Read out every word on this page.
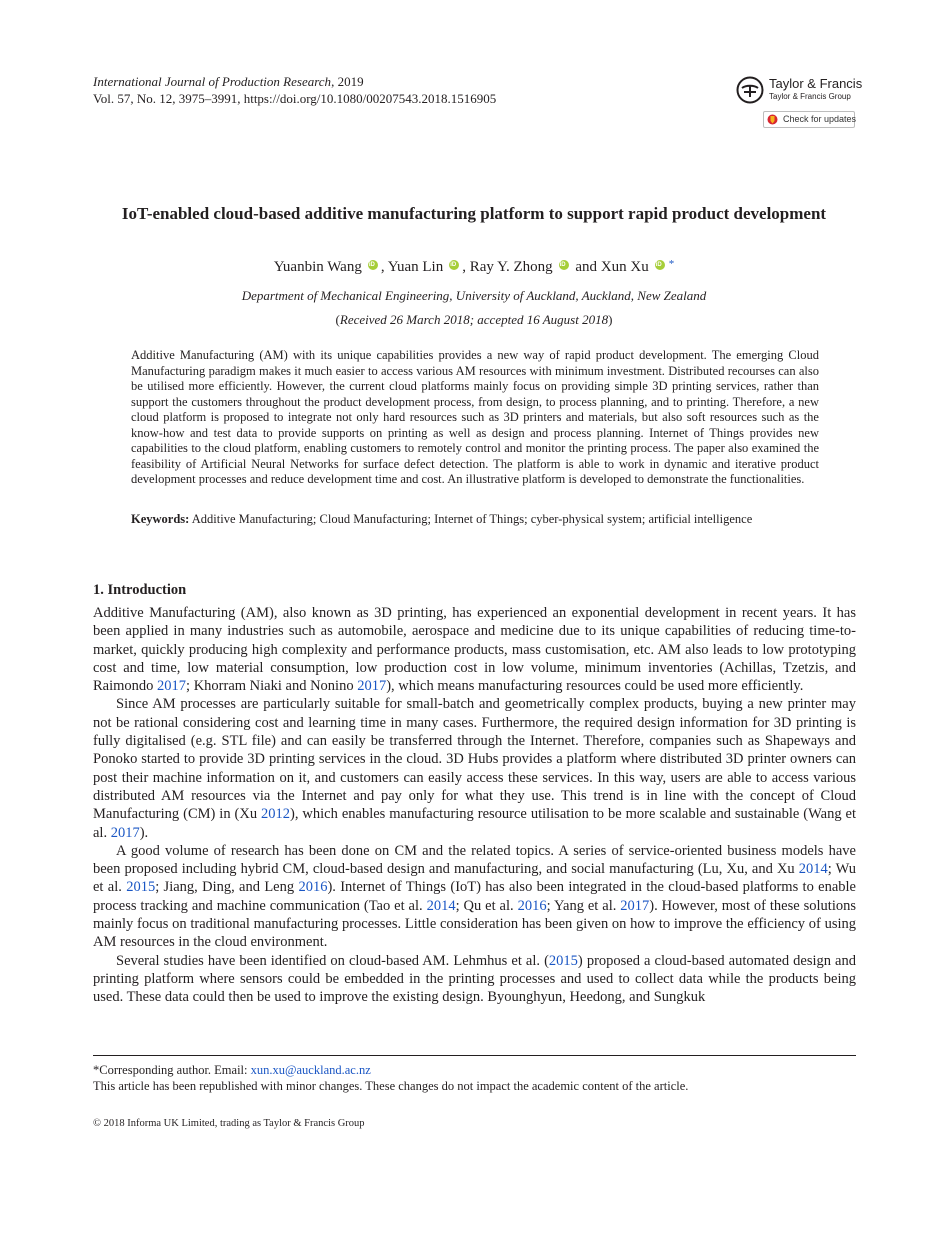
International Journal of Production Research, 2019
Vol. 57, No. 12, 3975–3991, https://doi.org/10.1080/00207543.2018.1516905
Taylor & Francis
Taylor & Francis Group
Check for updates
IoT-enabled cloud-based additive manufacturing platform to support rapid product development
Yuanbin Wang iD , Yuan Lin iD , Ray Y. ZhongiD and Xun Xu iD *
Department of Mechanical Engineering, University of Auckland, Auckland, New Zealand
(Received 26 March 2018; accepted 16 August 2018)
Additive Manufacturing (AM) with its unique capabilities provides a new way of rapid product development. The emerging Cloud Manufacturing paradigm makes it much easier to access various AM resources with minimum investment. Distributed recourses can also be utilised more efficiently. However, the current cloud platforms mainly focus on providing simple 3D printing services, rather than support the customers throughout the product development process, from design, to process planning, and to printing. Therefore, a new cloud platform is proposed to integrate not only hard resources such as 3D printers and materials, but also soft resources such as the know-how and test data to provide supports on printing as well as design and process planning. Internet of Things provides new capabilities to the cloud platform, enabling customers to remotely control and monitor the printing process. The paper also examined the feasibility of Artificial Neural Networks for surface defect detection. The platform is able to work in dynamic and iterative product development processes and reduce development time and cost. An illustrative platform is developed to demonstrate the functionalities.
Keywords: Additive Manufacturing; Cloud Manufacturing; Internet of Things; cyber-physical system; artificial intelligence
1. Introduction

Additive Manufacturing (AM), also known as 3D printing, has experienced an exponential development in recent years. It has been applied in many industries such as automobile, aerospace and medicine due to its unique capabilities of reducing time-to-market, quickly producing high complexity and performance products, mass customisation, etc. AM also leads to low prototyping cost and time, low material consumption, low production cost in low volume, minimum inventories (Achillas, Tzetzis, and Raimondo 2017; Khorram Niaki and Nonino 2017), which means manufacturing resources could be used more efficiently.

Since AM processes are particularly suitable for small-batch and geometrically complex products, buying a new printer may not be rational considering cost and learning time in many cases. Furthermore, the required design information for 3D printing is fully digitalised (e.g. STL file) and can easily be transferred through the Internet. Therefore, companies such as Shapeways and Ponoko started to provide 3D printing services in the cloud. 3D Hubs provides a platform where distributed 3D printer owners can post their machine information on it, and customers can easily access these services. In this way, users are able to access various distributed AM resources via the Internet and pay only for what they use. This trend is in line with the concept of Cloud Manufacturing (CM) in (Xu 2012), which enables manufacturing resource utilisation to be more scalable and sustainable (Wang et al. 2017).

A good volume of research has been done on CM and the related topics. A series of service-oriented business models have been proposed including hybrid CM, cloud-based design and manufacturing, and social manufacturing (Lu, Xu, and Xu 2014; Wu et al. 2015; Jiang, Ding, and Leng 2016). Internet of Things (IoT) has also been integrated in the cloud-based platforms to enable process tracking and machine communication (Tao et al. 2014; Qu et al. 2016; Yang et al. 2017). However, most of these solutions mainly focus on traditional manufacturing processes. Little consideration has been given on how to improve the efficiency of using AM resources in the cloud environment.

Several studies have been identified on cloud-based AM. Lehmhus et al. (2015) proposed a cloud-based automated design and printing platform where sensors could be embedded in the printing processes and used to collect data while the products being used. These data could then be used to improve the existing design. Byounghyun, Heedong, and Sungkuk

*Corresponding author. Email: xun.xu@auckland.ac.nz
This article has been republished with minor changes. These changes do not impact the academic content of the article.
© 2018 Informa UK Limited, trading as Taylor & Francis Group
